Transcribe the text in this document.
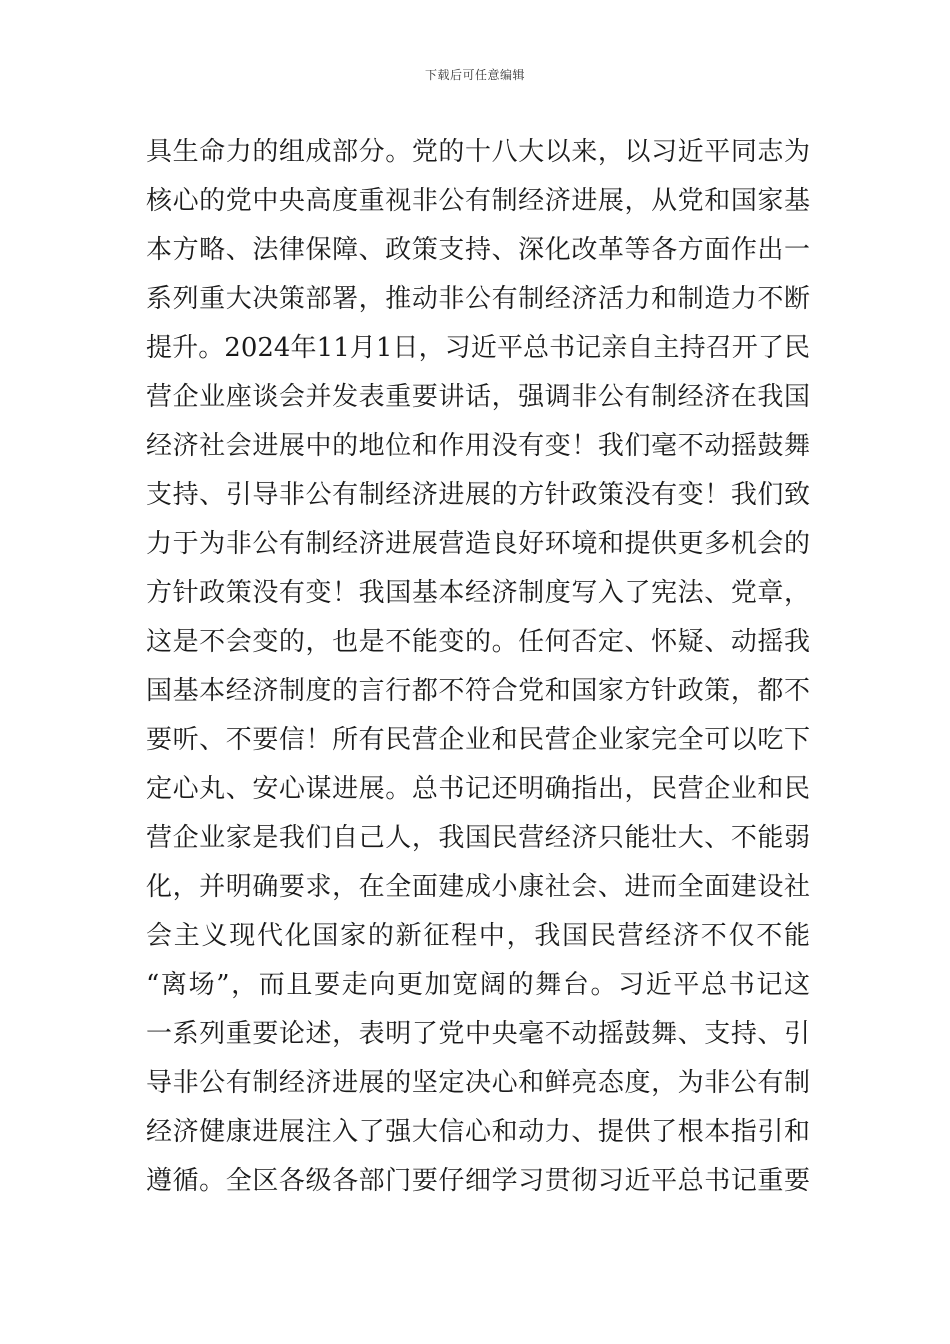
下载后可任意编辑
具生命力的组成部分。党的十八大以来，以习近平同志为
核心的党中央高度重视非公有制经济进展，从党和国家基
本方略、法律保障、政策支持、深化改革等各方面作出一
系列重大决策部署，推动非公有制经济活力和制造力不断
提升。2024年11月1日，习近平总书记亲自主持召开了民
营企业座谈会并发表重要讲话，强调非公有制经济在我国
经济社会进展中的地位和作用没有变！我们毫不动摇鼓舞
支持、引导非公有制经济进展的方针政策没有变！我们致
力于为非公有制经济进展营造良好环境和提供更多机会的
方针政策没有变！我国基本经济制度写入了宪法、党章，
这是不会变的，也是不能变的。任何否定、怀疑、动摇我
国基本经济制度的言行都不符合党和国家方针政策，都不
要听、不要信！所有民营企业和民营企业家完全可以吃下
定心丸、安心谋进展。总书记还明确指出，民营企业和民
营企业家是我们自己人，我国民营经济只能壮大、不能弱
化，并明确要求，在全面建成小康社会、进而全面建设社
会主义现代化国家的新征程中，我国民营经济不仅不能
“离场”，而且要走向更加宽阔的舞台。习近平总书记这
一系列重要论述，表明了党中央毫不动摇鼓舞、支持、引
导非公有制经济进展的坚定决心和鲜亮态度，为非公有制
经济健康进展注入了强大信心和动力、提供了根本指引和
遵循。全区各级各部门要仔细学习贯彻习近平总书记重要
